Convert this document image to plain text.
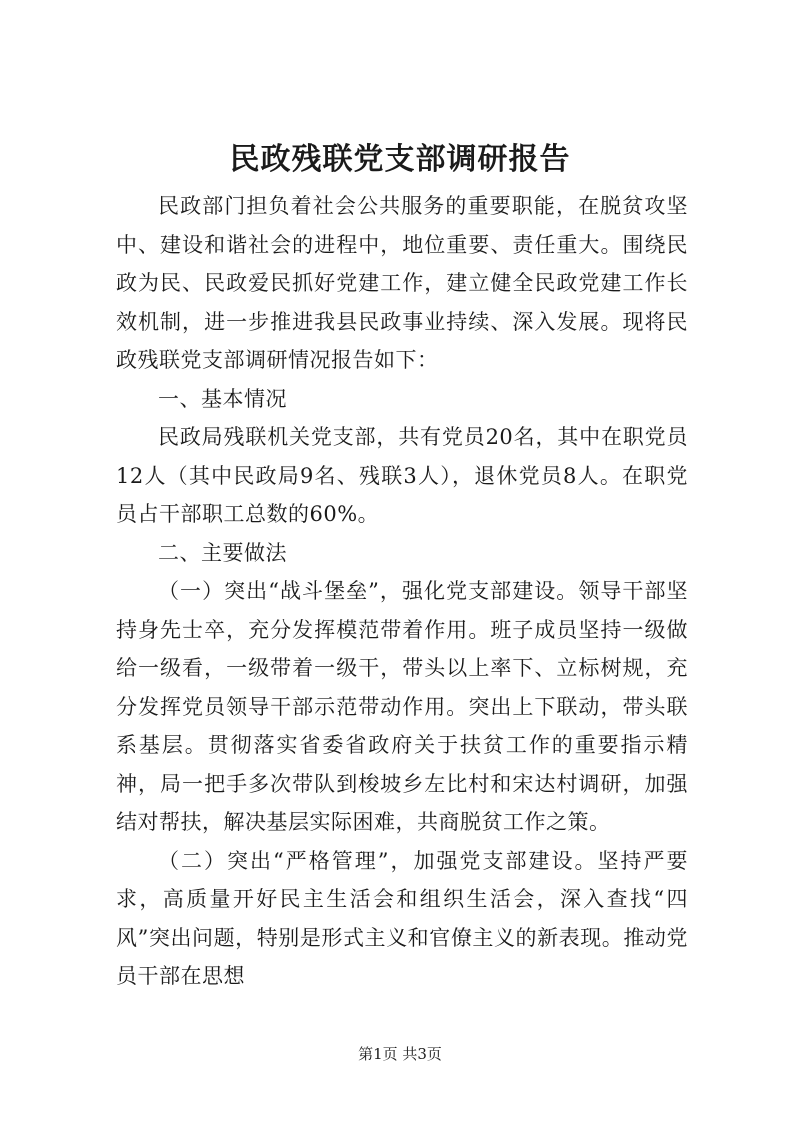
民政残联党支部调研报告

民政部门担负着社会公共服务的重要职能，在脱贫攻坚中、建设和谐社会的进程中，地位重要、责任重大。围绕民政为民、民政爱民抓好党建工作，建立健全民政党建工作长效机制，进一步推进我县民政事业持续、深入发展。现将民政残联党支部调研情况报告如下：

一、基本情况

民政局残联机关党支部，共有党员20名，其中在职党员12人（其中民政局9名、残联3人），退休党员8人。在职党员占干部职工总数的60%。

二、主要做法

（一）突出“战斗堡垒”，强化党支部建设。领导干部坚持身先士卒，充分发挥模范带着作用。班子成员坚持一级做给一级看，一级带着一级干，带头以上率下、立标树规，充分发挥党员领导干部示范带动作用。突出上下联动，带头联系基层。贯彻落实省委省政府关于扶贫工作的重要指示精神，局一把手多次带队到梭坡乡左比村和宋达村调研，加强结对帮扶，解决基层实际困难，共商脱贫工作之策。

（二）突出“严格管理”，加强党支部建设。坚持严要求，高质量开好民主生活会和组织生活会，深入查找“四风”突出问题，特别是形式主义和官僚主义的新表现。推动党员干部在思想

第1页 共3页
